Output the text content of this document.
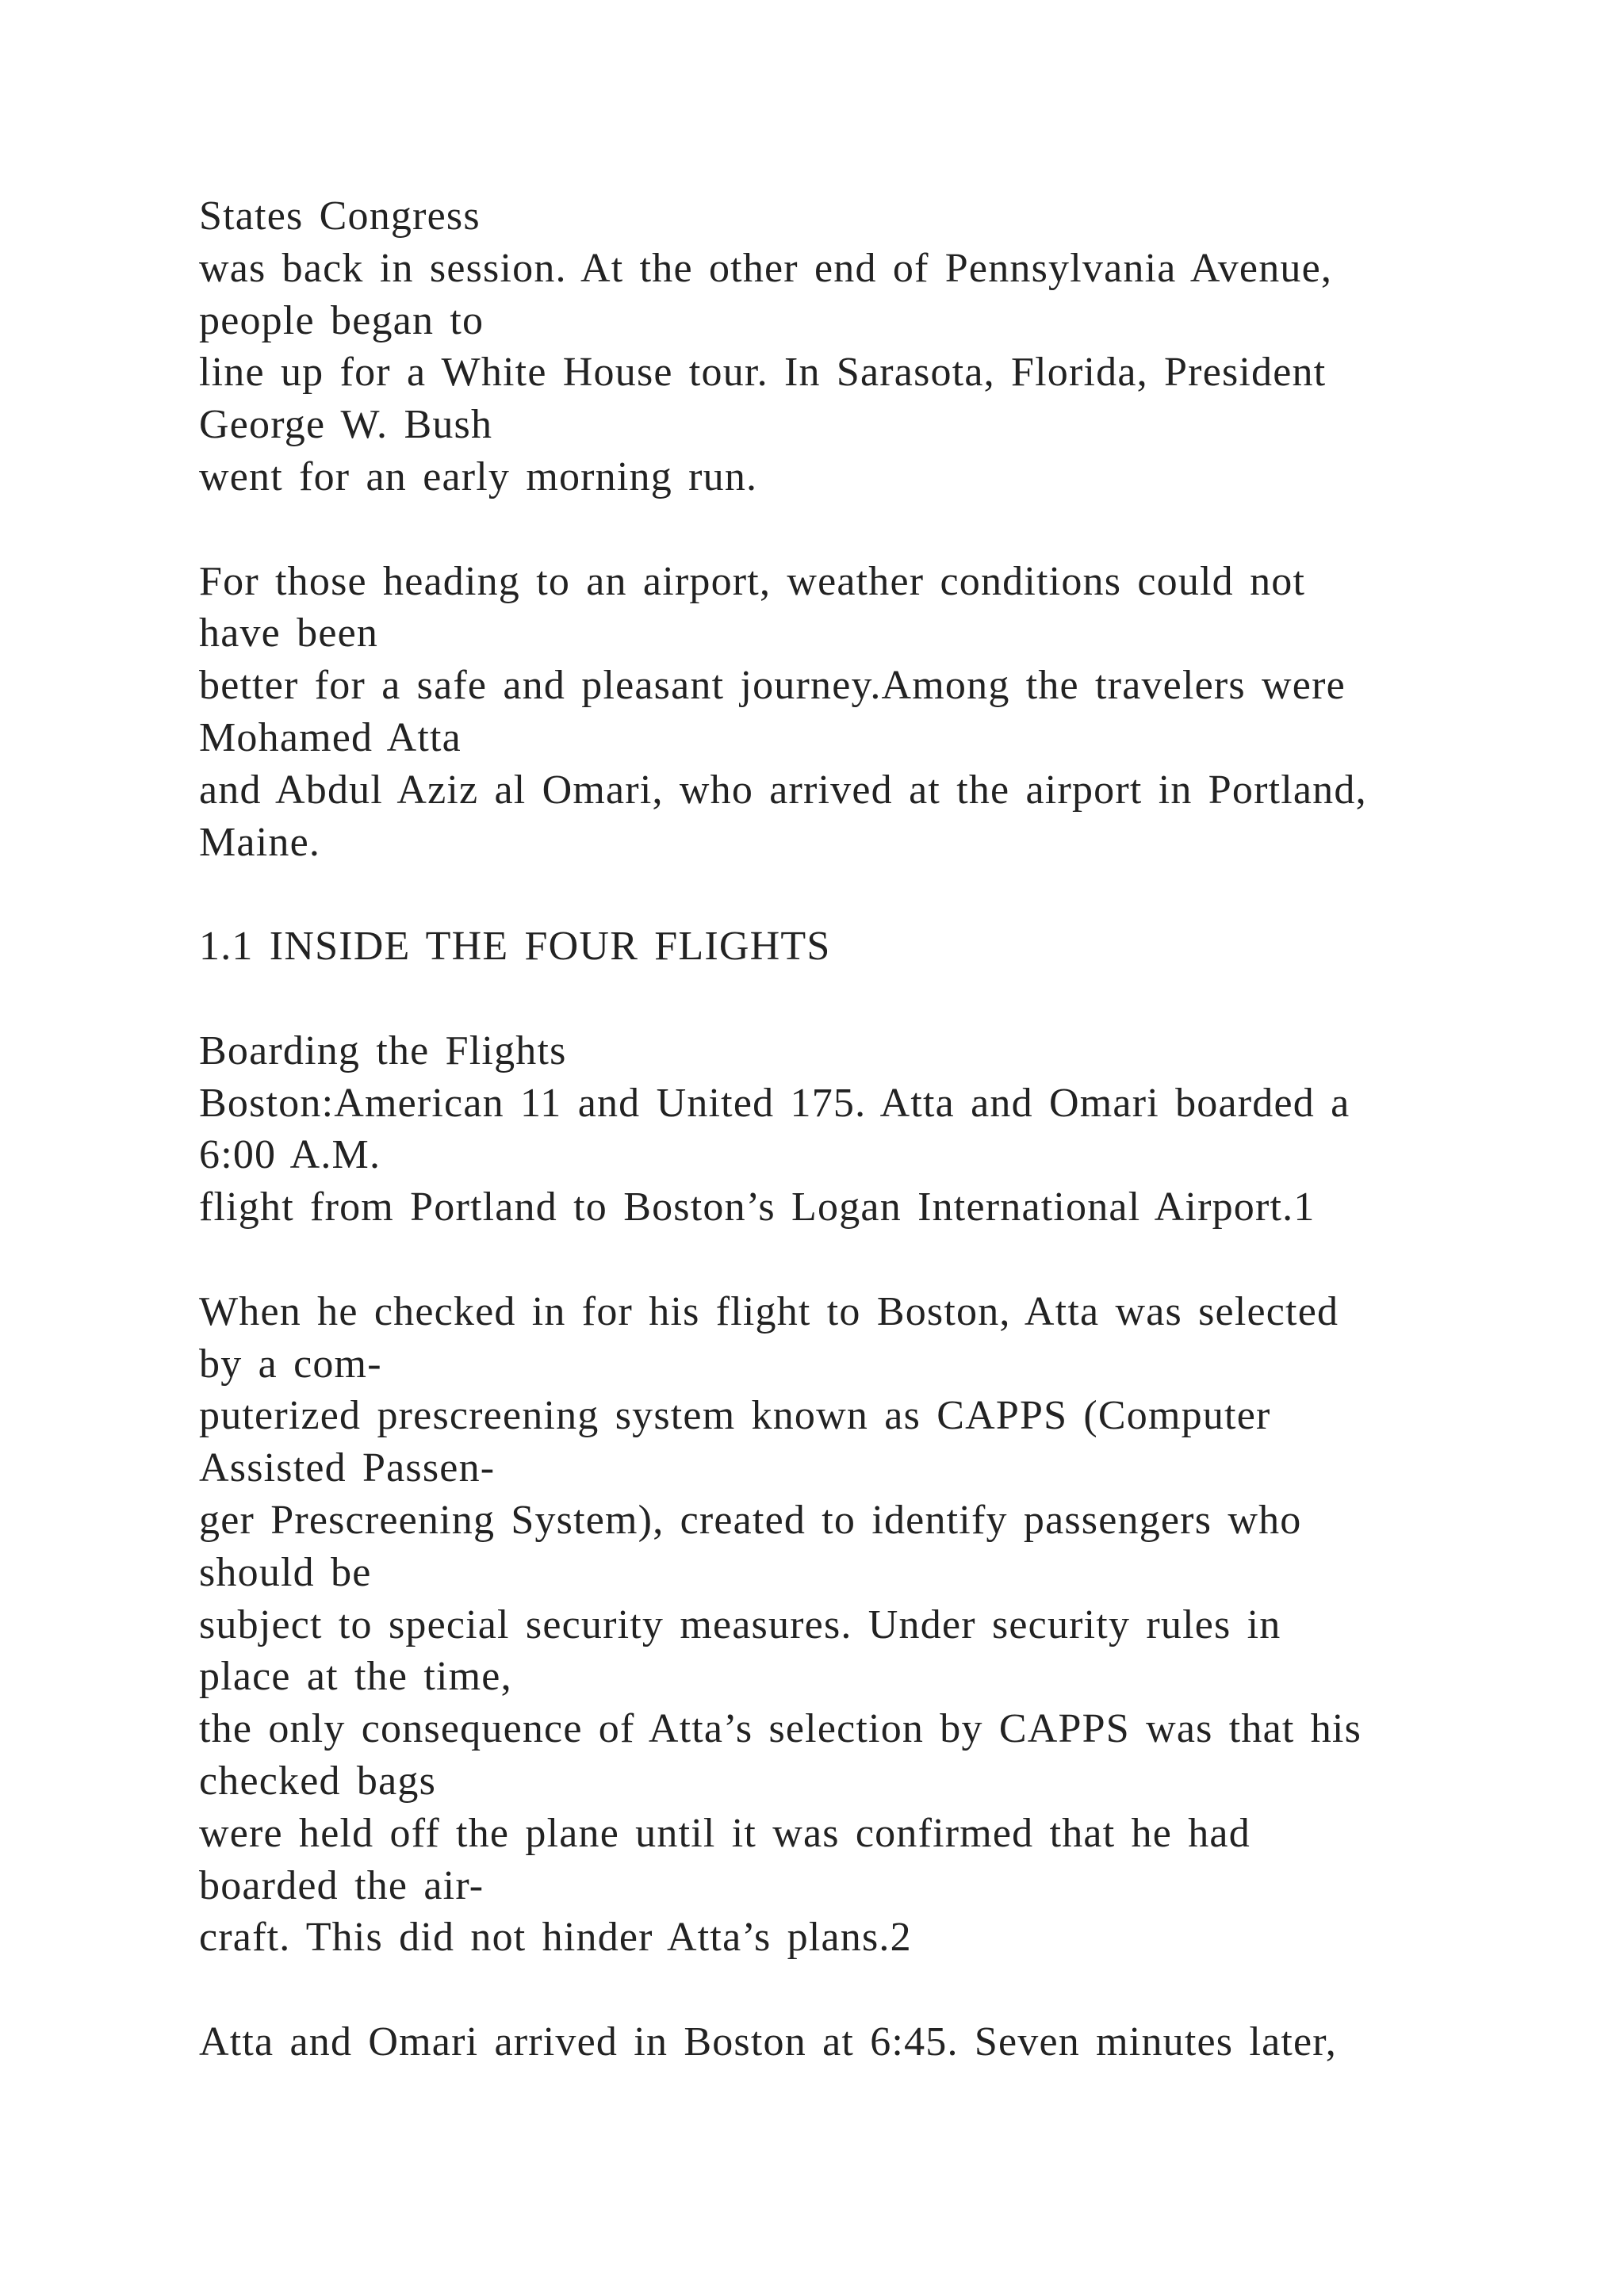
States Congress
was back in session. At the other end of Pennsylvania Avenue,
people began to
line up for a White House tour. In Sarasota, Florida, President
George W. Bush
went for an early morning run.
For those heading to an airport, weather conditions could not
have been
better for a safe and pleasant journey.Among the travelers were
Mohamed Atta
and Abdul Aziz al Omari, who arrived at the airport in Portland,
Maine.
1.1 INSIDE THE FOUR FLIGHTS
Boarding the Flights
Boston:American 11 and United 175. Atta and Omari boarded a
6:00 A.M.
flight from Portland to Boston’s Logan International Airport.1
When he checked in for his flight to Boston, Atta was selected
by a com-
puterized prescreening system known as CAPPS (Computer
Assisted Passen-
ger Prescreening System), created to identify passengers who
should be
subject to special security measures. Under security rules in
place at the time,
the only consequence of Atta’s selection by CAPPS was that his
checked bags
were held off the plane until it was confirmed that he had
boarded the air-
craft. This did not hinder Atta’s plans.2
Atta and Omari arrived in Boston at 6:45. Seven minutes later,
